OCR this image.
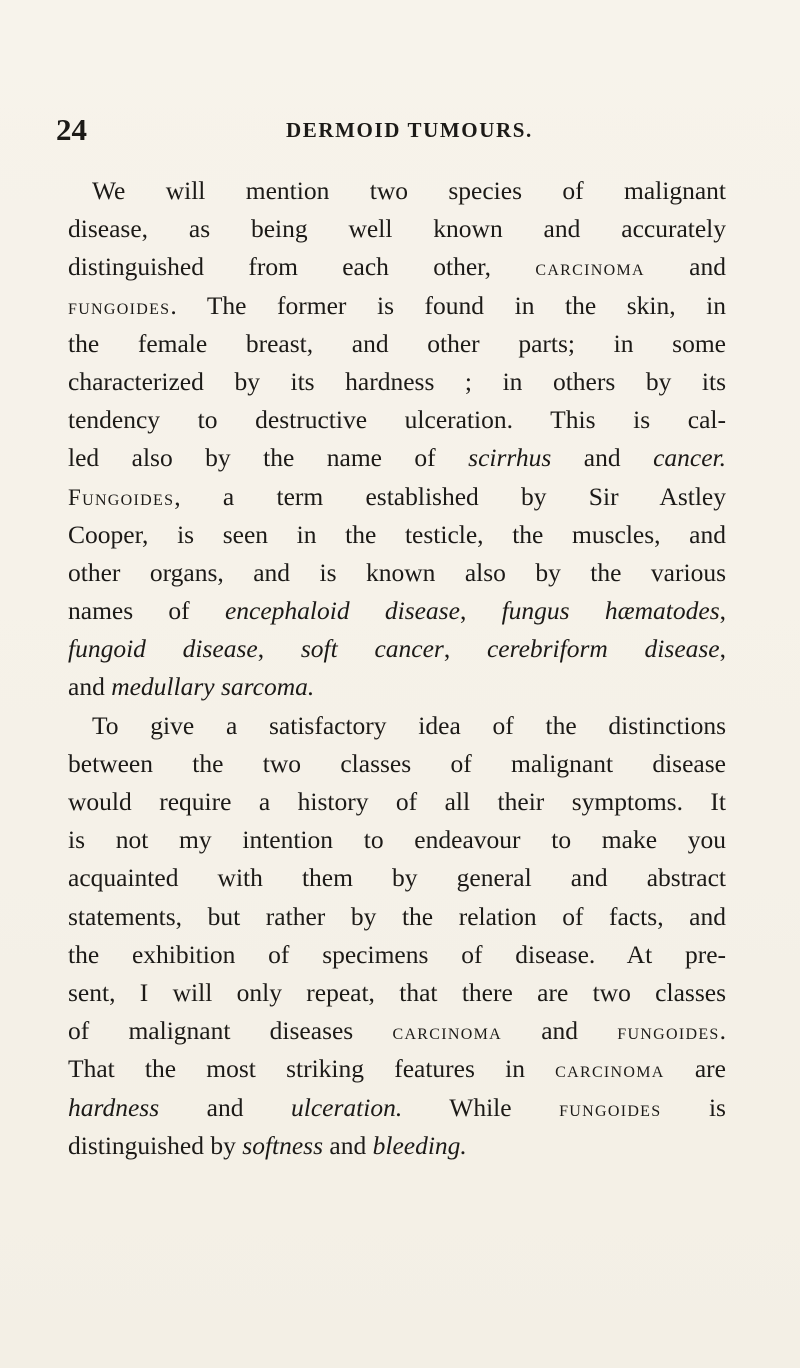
24	DERMOID TUMOURS.
We will mention two species of malignant
disease, as being well known and accurately
distinguished from each other, carcinoma and
fungoides. The former is found in the skin, in
the female breast, and other parts; in some
characterized by its hardness ; in others by its
tendency to destructive ulceration. This is cal-
led also by the name of scirrhus and cancer.
Fungoides, a term established by Sir Astley
Cooper, is seen in the testicle, the muscles, and
other organs, and is known also by the various
names of encephaloid disease, fungus hæmatodes,
fungoid disease, soft cancer, cerebriform disease,
and medullary sarcoma.
To give a satisfactory idea of the distinctions
between the two classes of malignant disease
would require a history of all their symptoms. It
is not my intention to endeavour to make you
acquainted with them by general and abstract
statements, but rather by the relation of facts, and
the exhibition of specimens of disease. At pre-
sent, I will only repeat, that there are two classes
of malignant diseases carcinoma and fungoides.
That the most striking features in carcinoma are
hardness and ulceration. While fungoides is
distinguished by softness and bleeding.
